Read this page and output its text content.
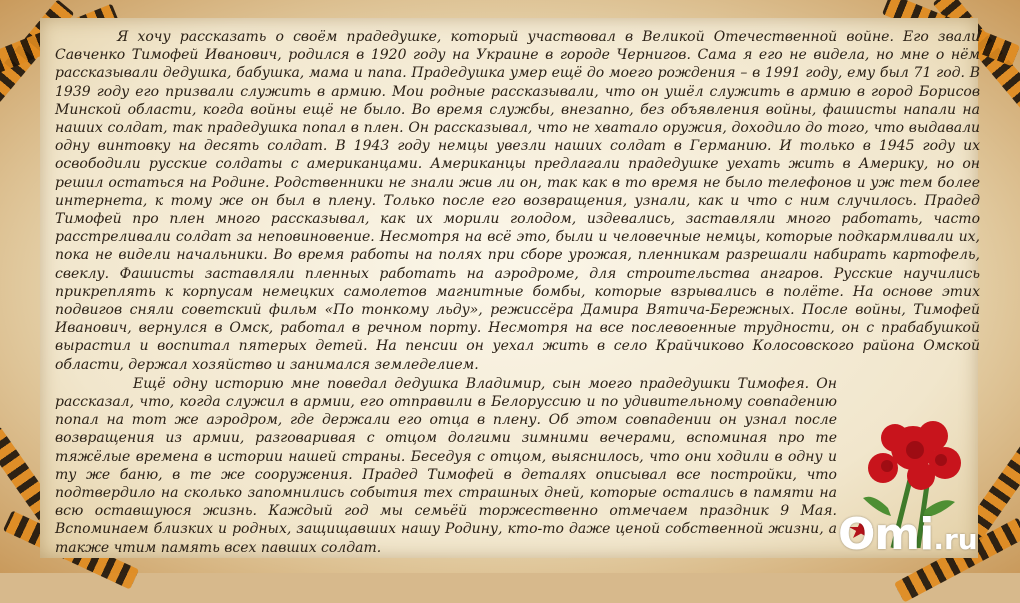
Я хочу рассказать о своём прадедушке, который участвовал в Великой Отечественной войне. Его звали Савченко Тимофей Иванович, родился в 1920 году на Украине в городе Чернигов. Сама я его не видела, но мне о нём рассказывали дедушка, бабушка, мама и папа. Прадедушка умер ещё до моего рождения – в 1991 году, ему был 71 год. В 1939 году его призвали служить в армию. Мои родные рассказывали, что он ушёл служить в армию в город Борисов Минской области, когда войны ещё не было. Во время службы, внезапно, без объявления войны, фашисты напали на наших солдат, так прадедушка попал в плен. Он рассказывал, что не хватало оружия, доходило до того, что выдавали одну винтовку на десять солдат. В 1943 году немцы увезли наших солдат в Германию. И только в 1945 году их освободили русские солдаты с американцами. Американцы предлагали прадедушке уехать жить в Америку, но он решил остаться на Родине. Родственники не знали жив ли он, так как в то время не было телефонов и уж тем более интернета, к тому же он был в плену. Только после его возвращения, узнали, как и что с ним случилось. Прадед Тимофей про плен много рассказывал, как их морили голодом, издевались, заставляли много работать, часто расстреливали солдат за неповиновение. Несмотря на всё это, были и человечные немцы, которые подкармливали их, пока не видели начальники. Во время работы на полях при сборе урожая, пленникам разрешали набирать картофель, свеклу. Фашисты заставляли пленных работать на аэродроме, для строительства ангаров. Русские научились прикреплять к корпусам немецких самолетов магнитные бомбы, которые взрывались в полёте. На основе этих подвигов сняли советский фильм «По тонкому льду», режиссёра Дамира Вятича-Бережных. После войны, Тимофей Иванович, вернулся в Омск, работал в речном порту. Несмотря на все послевоенные трудности, он с прабабушкой вырастил и воспитал пятерых детей. На пенсии он уехал жить в село Крайчиково Колосовского района Омской области, держал хозяйство и занимался земледелием.

Ещё одну историю мне поведал дедушка Владимир, сын моего прадедушки Тимофея. Он рассказал, что, когда служил в армии, его отправили в Белоруссию и по удивительному совпадению попал на тот же аэродром, где держали его отца в плену. Об этом совпадении он узнал после возвращения из армии, разговаривая с отцом долгими зимними вечерами, вспоминая про те тяжёлые времена в истории нашей страны. Беседуя с отцом, выяснилось, что они ходили в одну и ту же баню, в те же сооружения. Прадед Тимофей в деталях описывал все постройки, что подтвердило на сколько запомнились события тех страшных дней, которые остались в памяти на всю оставшуюся жизнь. Каждый год мы семьёй торжественно отмечаем праздник 9 Мая. Вспоминаем близких и родных, защищавших нашу Родину, кто-то даже ценой собственной жизни, а также чтим память всех павших солдат.	Omi .ru
